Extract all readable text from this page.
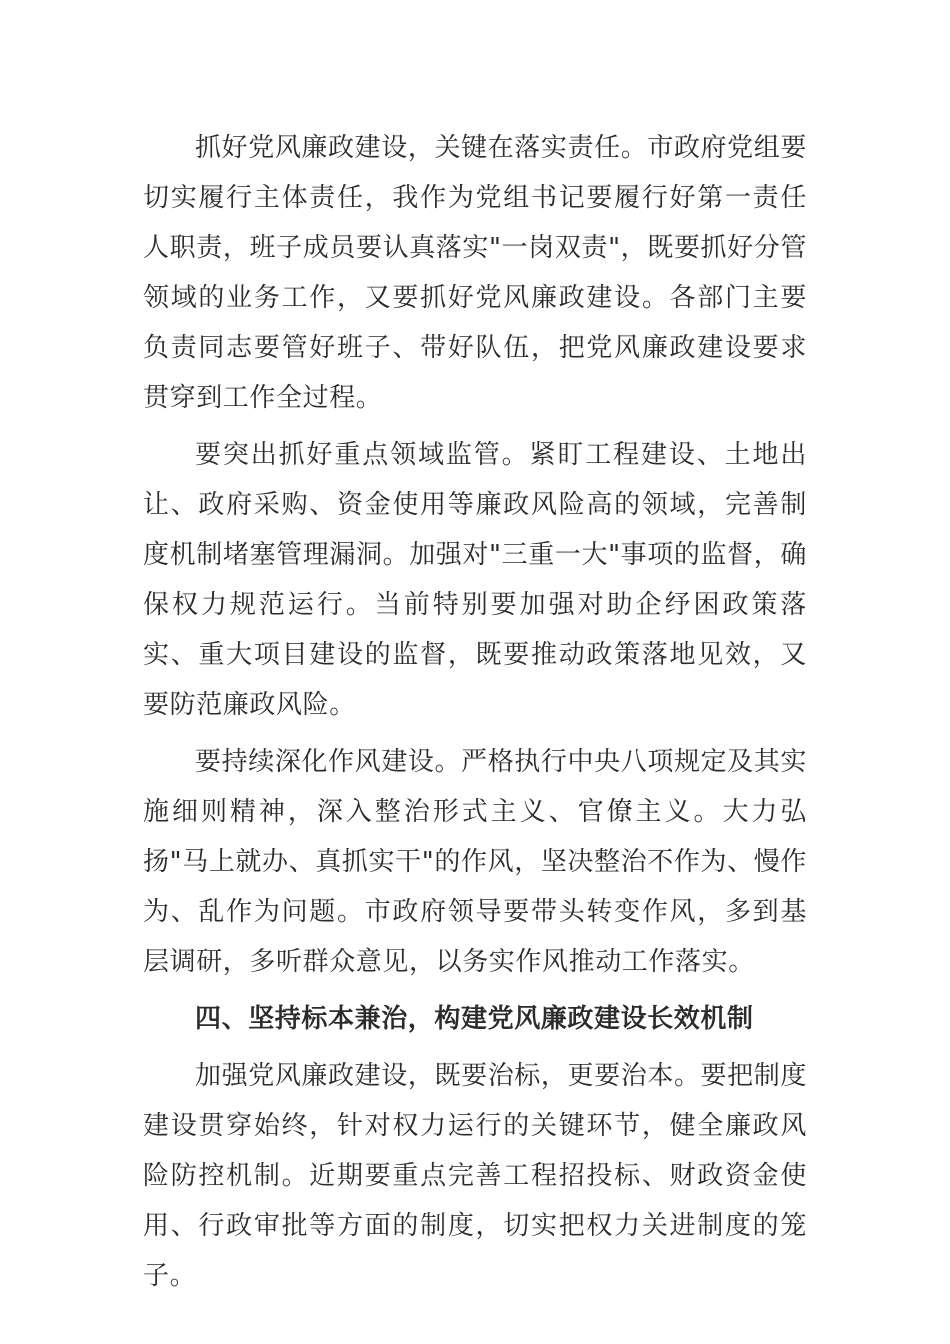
抓好党风廉政建设，关键在落实责任。市政府党组要切实履行主体责任，我作为党组书记要履行好第一责任人职责，班子成员要认真落实"一岗双责"，既要抓好分管领域的业务工作，又要抓好党风廉政建设。各部门主要负责同志要管好班子、带好队伍，把党风廉政建设要求贯穿到工作全过程。

要突出抓好重点领域监管。紧盯工程建设、土地出让、政府采购、资金使用等廉政风险高的领域，完善制度机制堵塞管理漏洞。加强对"三重一大"事项的监督，确保权力规范运行。当前特别要加强对助企纾困政策落实、重大项目建设的监督，既要推动政策落地见效，又要防范廉政风险。

要持续深化作风建设。严格执行中央八项规定及其实施细则精神，深入整治形式主义、官僚主义。大力弘扬"马上就办、真抓实干"的作风，坚决整治不作为、慢作为、乱作为问题。市政府领导要带头转变作风，多到基层调研，多听群众意见，以务实作风推动工作落实。

四、坚持标本兼治，构建党风廉政建设长效机制

加强党风廉政建设，既要治标，更要治本。要把制度建设贯穿始终，针对权力运行的关键环节，健全廉政风险防控机制。近期要重点完善工程招投标、财政资金使用、行政审批等方面的制度，切实把权力关进制度的笼子。
